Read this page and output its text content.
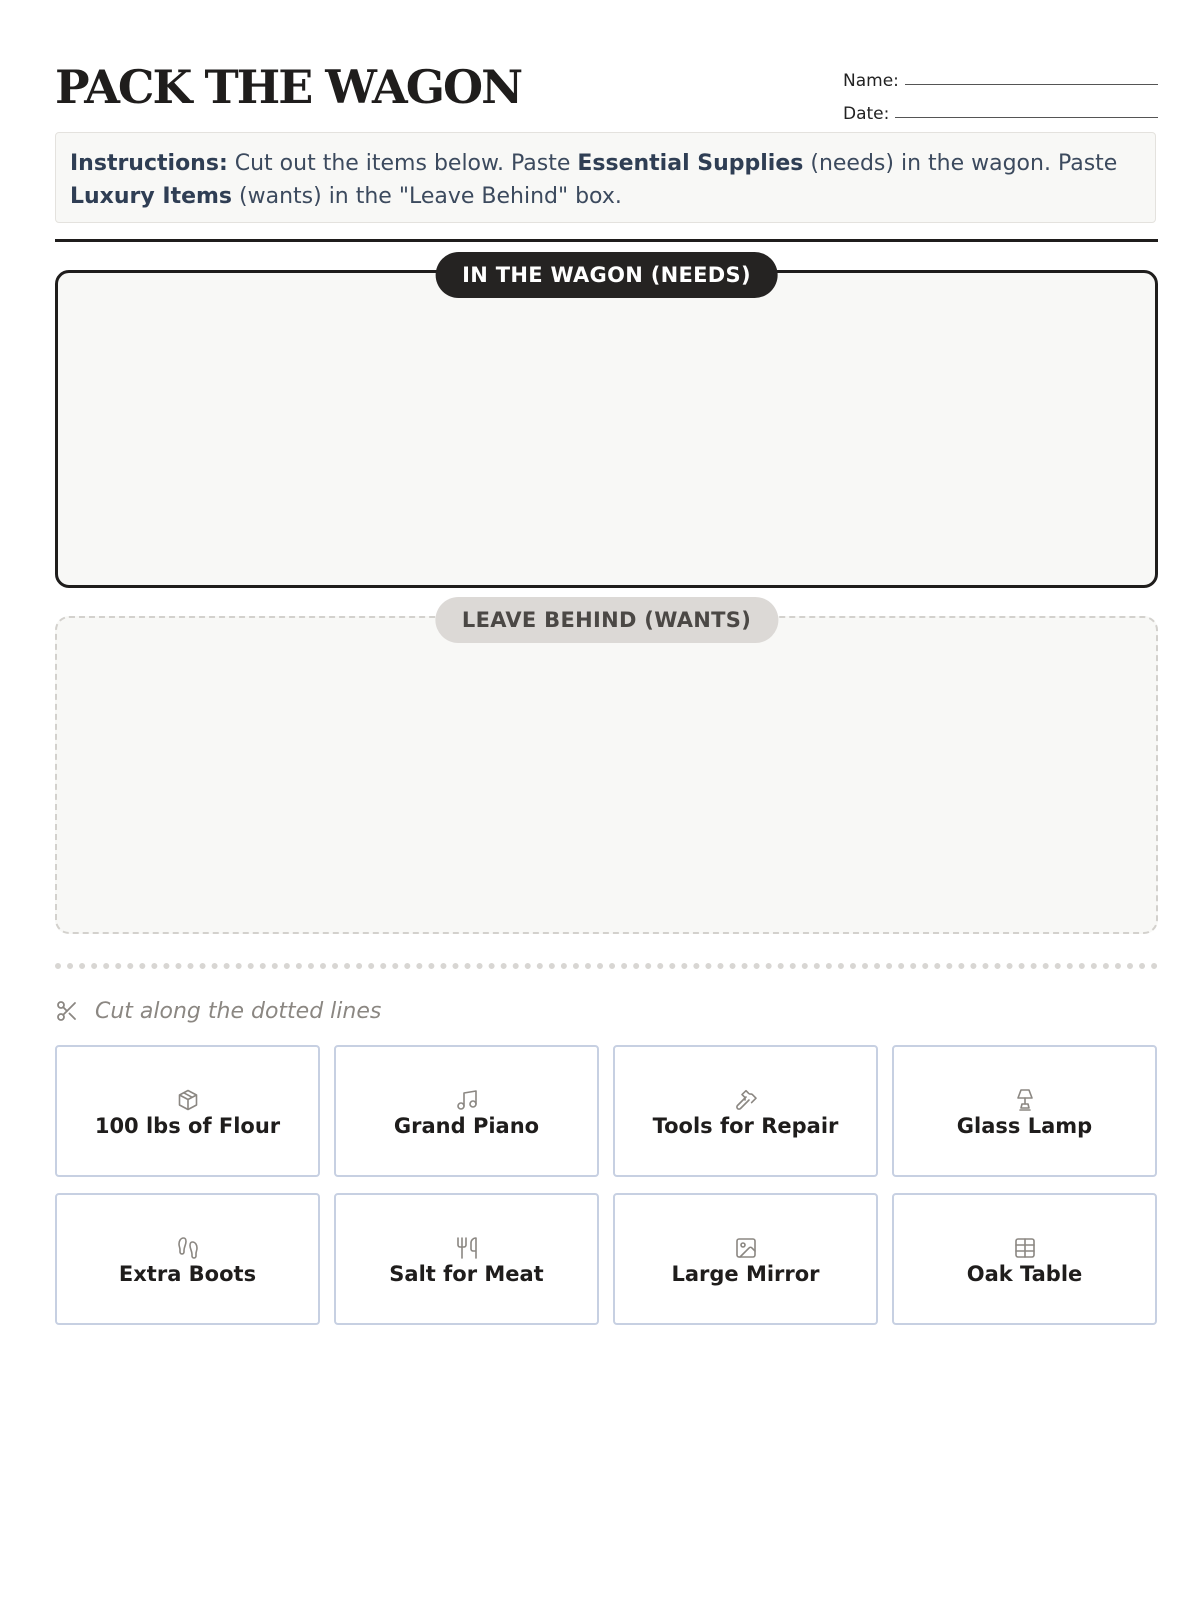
PACK THE WAGON	Name:
Date:
Instructions: Cut out the items below. Paste Essential Supplies (needs) in the wagon. Paste Luxury Items (wants) in the "Leave Behind" box.
IN THE WAGON (NEEDS)
LEAVE BEHIND (WANTS)
Cut along the dotted lines
100 lbs of Flour	Grand Piano	Tools for Repair	Glass Lamp
Extra Boots	Salt for Meat	Large Mirror	Oak Table
